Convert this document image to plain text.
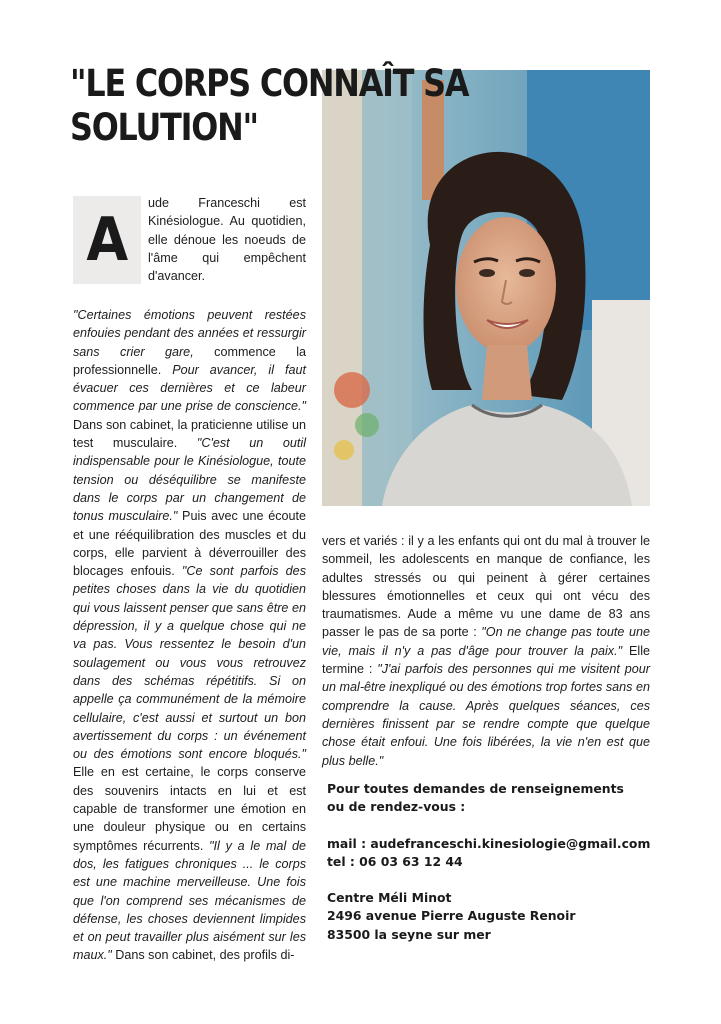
"LE CORPS CONNAÎT SA
SOLUTION"
A

ude Franceschi est Kinésiologue. Au quotidien, elle dénoue les noeuds de l'âme qui empêchent d'avancer.

"Certaines émotions peuvent restées enfouies pendant des années et ressurgir sans crier gare, commence la professionnelle. Pour avancer, il faut évacuer ces dernières et ce labeur commence par une prise de conscience." Dans son cabinet, la praticienne utilise un test musculaire. "C'est un outil indispensable pour le Kinésiologue, toute tension ou déséquilibre se manifeste dans le corps par un changement de tonus musculaire." Puis avec une écoute et une rééquilibration des muscles et du corps, elle parvient à déverrouiller des blocages enfouis. "Ce sont parfois des petites choses dans la vie du quotidien qui vous laissent penser que sans être en dépression, il y a quelque chose qui ne va pas. Vous ressentez le besoin d'un soulagement ou vous vous retrouvez dans des schémas répétitifs. Si on appelle ça communément de la mémoire cellulaire, c'est aussi et surtout un bon avertissement du corps : un événement ou des émotions sont encore bloqués." Elle en est certaine, le corps conserve des souvenirs intacts en lui et est capable de transformer une émotion en une douleur physique ou en certains symptômes récurrents. "Il y a le mal de dos, les fatigues chroniques ... le corps est une machine merveilleuse. Une fois que l'on comprend ses mécanismes de défense, les choses deviennent limpides et on peut travailler plus aisément sur les maux." Dans son cabinet, des profils di-

vers et variés : il y a les enfants qui ont du mal à trouver le sommeil, les adolescents en manque de confiance, les adultes stressés ou qui peinent à gérer certaines blessures émotionnelles et ceux qui ont vécu des traumatismes. Aude a même vu une dame de 83 ans passer le pas de sa porte : "On ne change pas toute une vie, mais il n'y a pas d'âge pour trouver la paix." Elle termine : "J'ai parfois des personnes qui me visitent pour un mal-être inexpliqué ou des émotions trop fortes sans en comprendre la cause. Après quelques séances, ces dernières finissent par se rendre compte que quelque chose était enfoui. Une fois libérées, la vie n'en est que plus belle."

Pour toutes demandes de renseignements
ou de rendez-vous :
mail : audefranceschi.kinesiologie@gmail.com
tel : 06 03 63 12 44
Centre Méli Minot
2496 avenue Pierre Auguste Renoir
83500 la seyne sur mer
